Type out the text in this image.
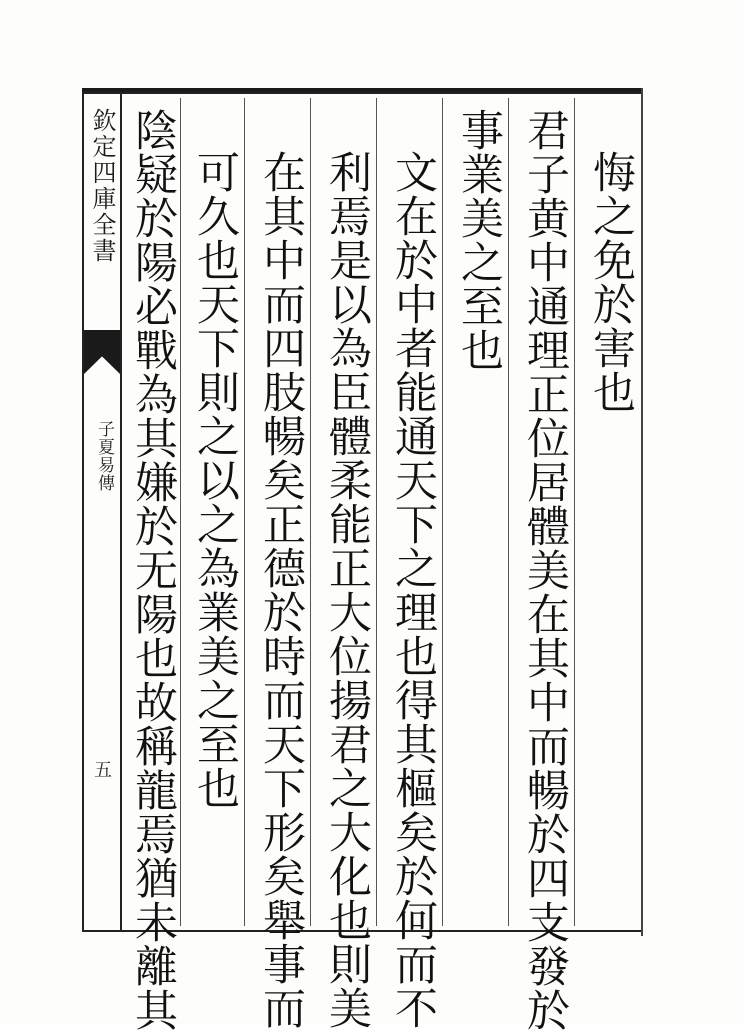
欽定四庫全書
子夏易傳
五
悔之免於害也
君子黄中通理正位居體美在其中而暢於四支發於
事業美之至也
文在於中者能通天下之理也得其樞矣於何而不
利焉是以為臣體柔能正大位揚君之大化也則美
在其中而四肢暢矣正德於時而天下形矣舉事而
可久也天下則之以之為業美之至也
陰疑於陽必戰為其嫌於无陽也故稱龍焉猶未離其
